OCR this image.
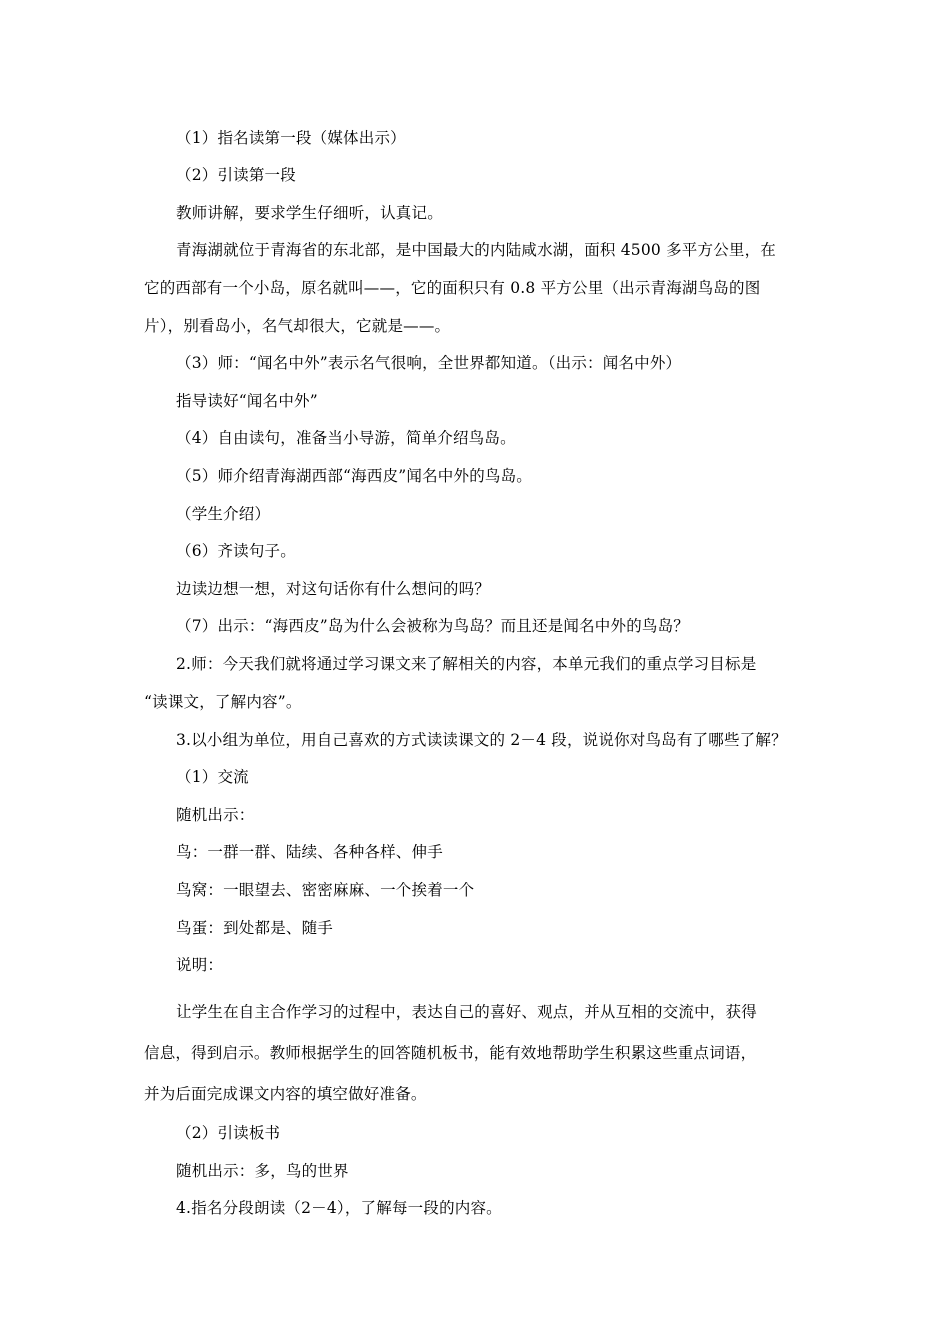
（1）指名读第一段（媒体出示）
（2）引读第一段
教师讲解，要求学生仔细听，认真记。
青海湖就位于青海省的东北部，是中国最大的内陆咸水湖，面积 4500 多平方公里，在
它的西部有一个小岛，原名就叫——，它的面积只有 0.8 平方公里（出示青海湖鸟岛的图
片），别看岛小，名气却很大，它就是——。
（3）师：“闻名中外”表示名气很响，全世界都知道。（出示：闻名中外）
指导读好“闻名中外”
（4）自由读句，准备当小导游，简单介绍鸟岛。
（5）师介绍青海湖西部“海西皮”闻名中外的鸟岛。
（学生介绍）
（6）齐读句子。
边读边想一想，对这句话你有什么想问的吗？
（7）出示：“海西皮”岛为什么会被称为鸟岛？而且还是闻名中外的鸟岛？
2.师：今天我们就将通过学习课文来了解相关的内容，本单元我们的重点学习目标是
“读课文，了解内容”。
3.以小组为单位，用自己喜欢的方式读读课文的 2－4 段，说说你对鸟岛有了哪些了解？
（1）交流
随机出示：
鸟：一群一群、陆续、各种各样、伸手
鸟窝：一眼望去、密密麻麻、一个挨着一个
鸟蛋：到处都是、随手
说明：
让学生在自主合作学习的过程中，表达自己的喜好、观点，并从互相的交流中，获得
信息，得到启示。教师根据学生的回答随机板书，能有效地帮助学生积累这些重点词语，
并为后面完成课文内容的填空做好准备。
（2）引读板书
随机出示：多，鸟的世界
4.指名分段朗读（2－4），了解每一段的内容。
